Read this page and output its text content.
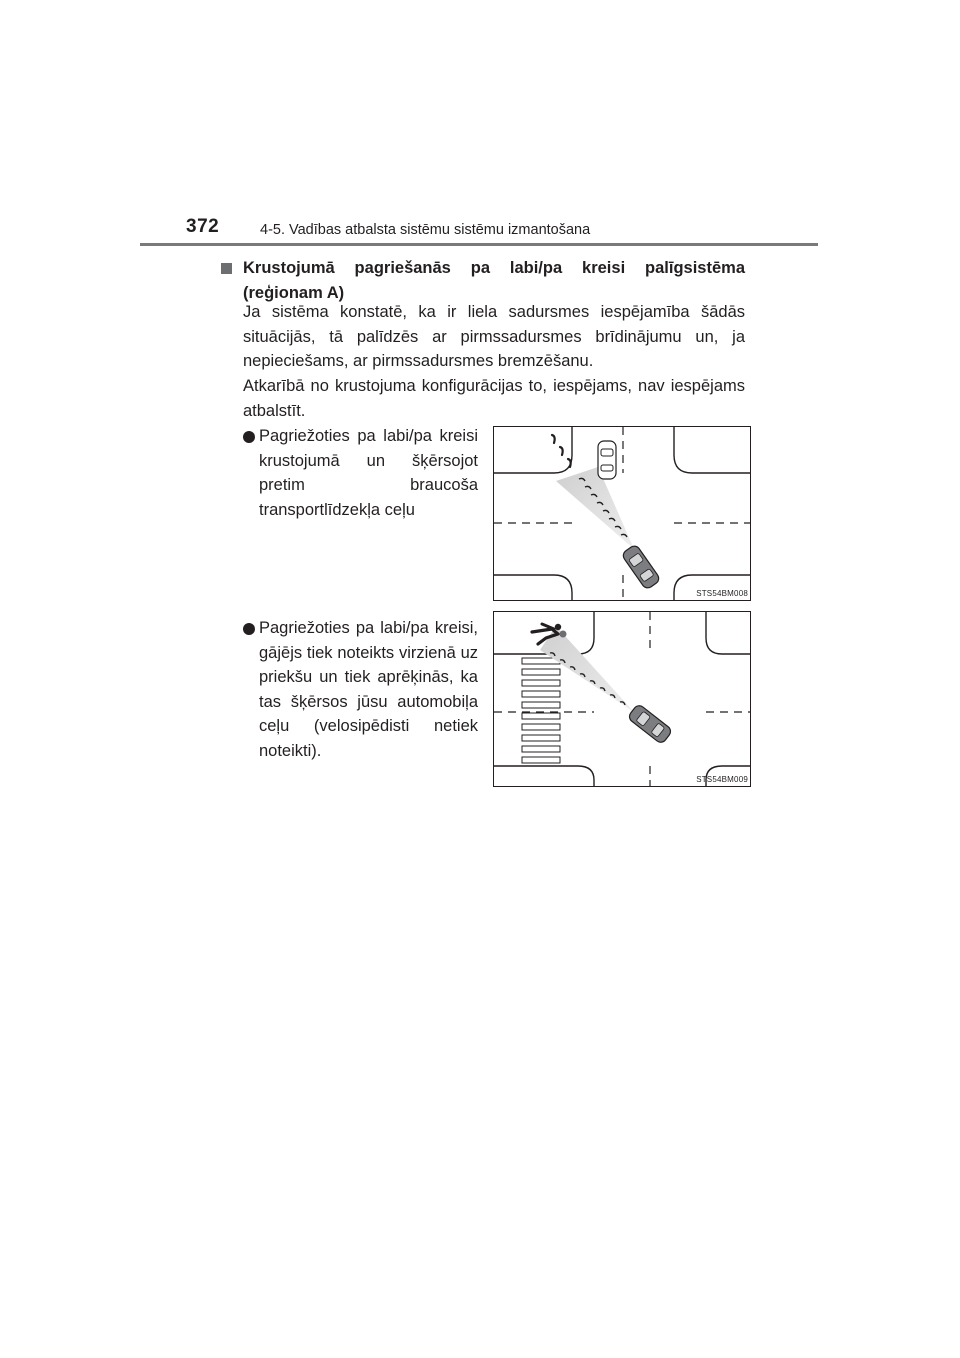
372	4-5. Vadības atbalsta sistēmu sistēmu izmantošana
Krustojumā pagriešanās pa labi/pa kreisi palīgsistēma (reģionam A)

Ja sistēma konstatē, ka ir liela sadursmes iespējamība šādās situācijās, tā palīdzēs ar pirmssadursmes brīdinājumu un, ja nepieciešams, ar pirmssadursmes bremzēšanu.

Atkarībā no krustojuma konfigurācijas to, iespējams, nav iespējams atbalstīt.

Pagriežoties pa labi/pa kreisi krustojumā un šķērsojot pretim braucoša transportlīdzekļa ceļu
Pagriežoties pa labi/pa kreisi, gājējs tiek noteikts virzienā uz priekšu un tiek aprēķinās, ka tas šķērsos jūsu automobiļa ceļu (velosipēdisti netiek noteikti).
STS54BM008
STS54BM009
